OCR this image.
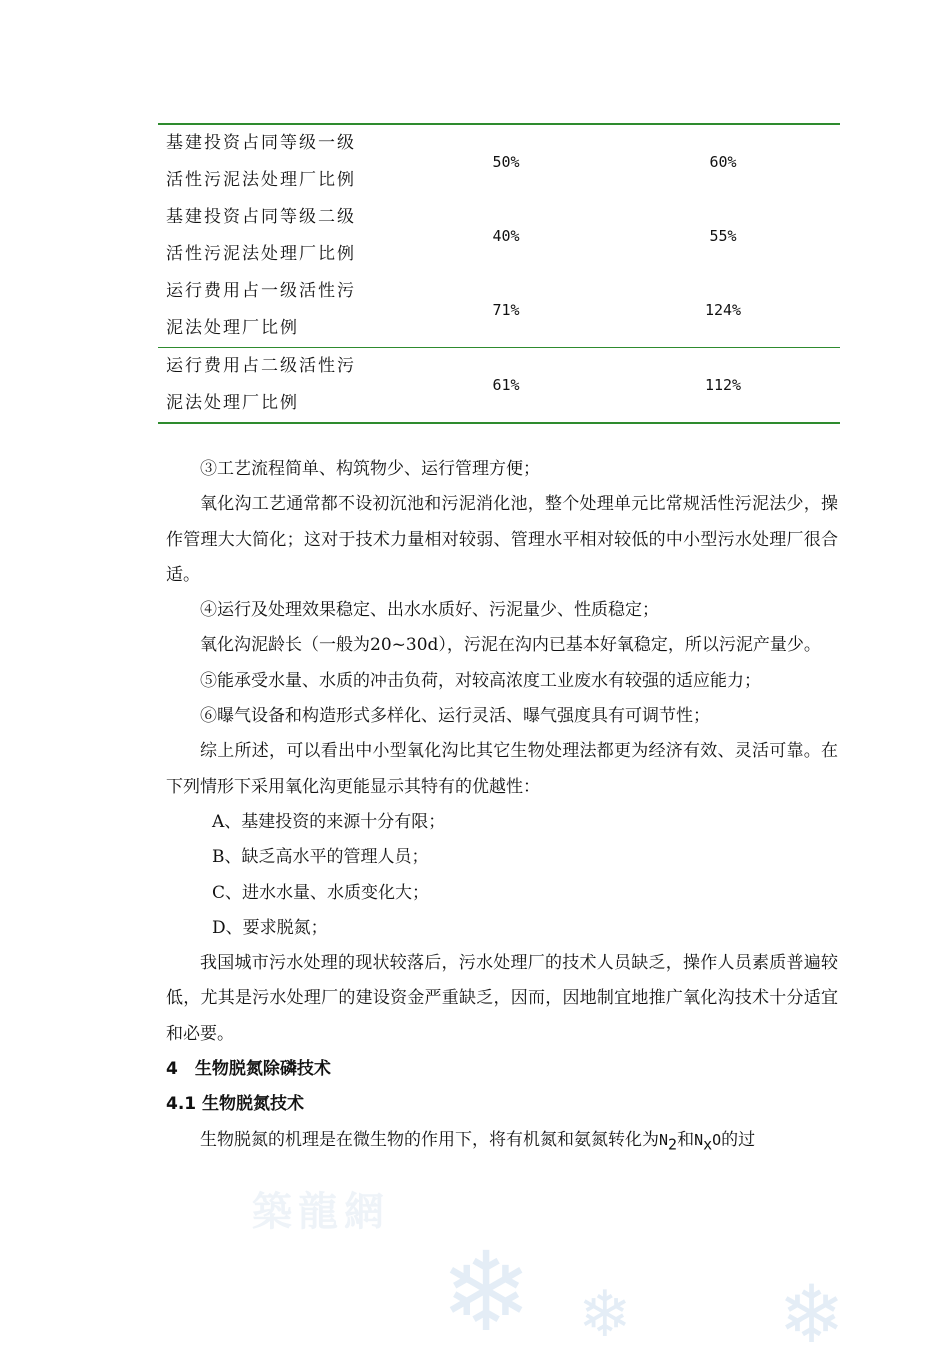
基建投资占同等级一级
活性污泥法处理厂比例	50%	60%

基建投资占同等级二级
活性污泥法处理厂比例	40%	55%

运行费用占一级活性污
泥法处理厂比例	71%	124%

运行费用占二级活性污
泥法处理厂比例	61%	112%

③工艺流程简单、构筑物少、运行管理方便；

氧化沟工艺通常都不设初沉池和污泥消化池，整个处理单元比常规活性污泥法少，操作管理大大简化；这对于技术力量相对较弱、管理水平相对较低的中小型污水处理厂很合适。

④运行及处理效果稳定、出水水质好、污泥量少、性质稳定；

氧化沟泥龄长（一般为20~30d），污泥在沟内已基本好氧稳定，所以污泥产量少。

⑤能承受水量、水质的冲击负荷，对较高浓度工业废水有较强的适应能力；

⑥曝气设备和构造形式多样化、运行灵活、曝气强度具有可调节性；

综上所述，可以看出中小型氧化沟比其它生物处理法都更为经济有效、灵活可靠。在下列情形下采用氧化沟更能显示其特有的优越性：

A、基建投资的来源十分有限；

B、缺乏高水平的管理人员；

C、进水水量、水质变化大；

D、要求脱氮；

我国城市污水处理的现状较落后，污水处理厂的技术人员缺乏，操作人员素质普遍较低，尤其是污水处理厂的建设资金严重缺乏，因而，因地制宜地推广氧化沟技术十分适宜和必要。

4　生物脱氮除磷技术
4.1 生物脱氮技术

生物脱氮的机理是在微生物的作用下，将有机氮和氨氮转化为$N_2$和$N_xO$的过

築龍網
❄ ❄ ❄
